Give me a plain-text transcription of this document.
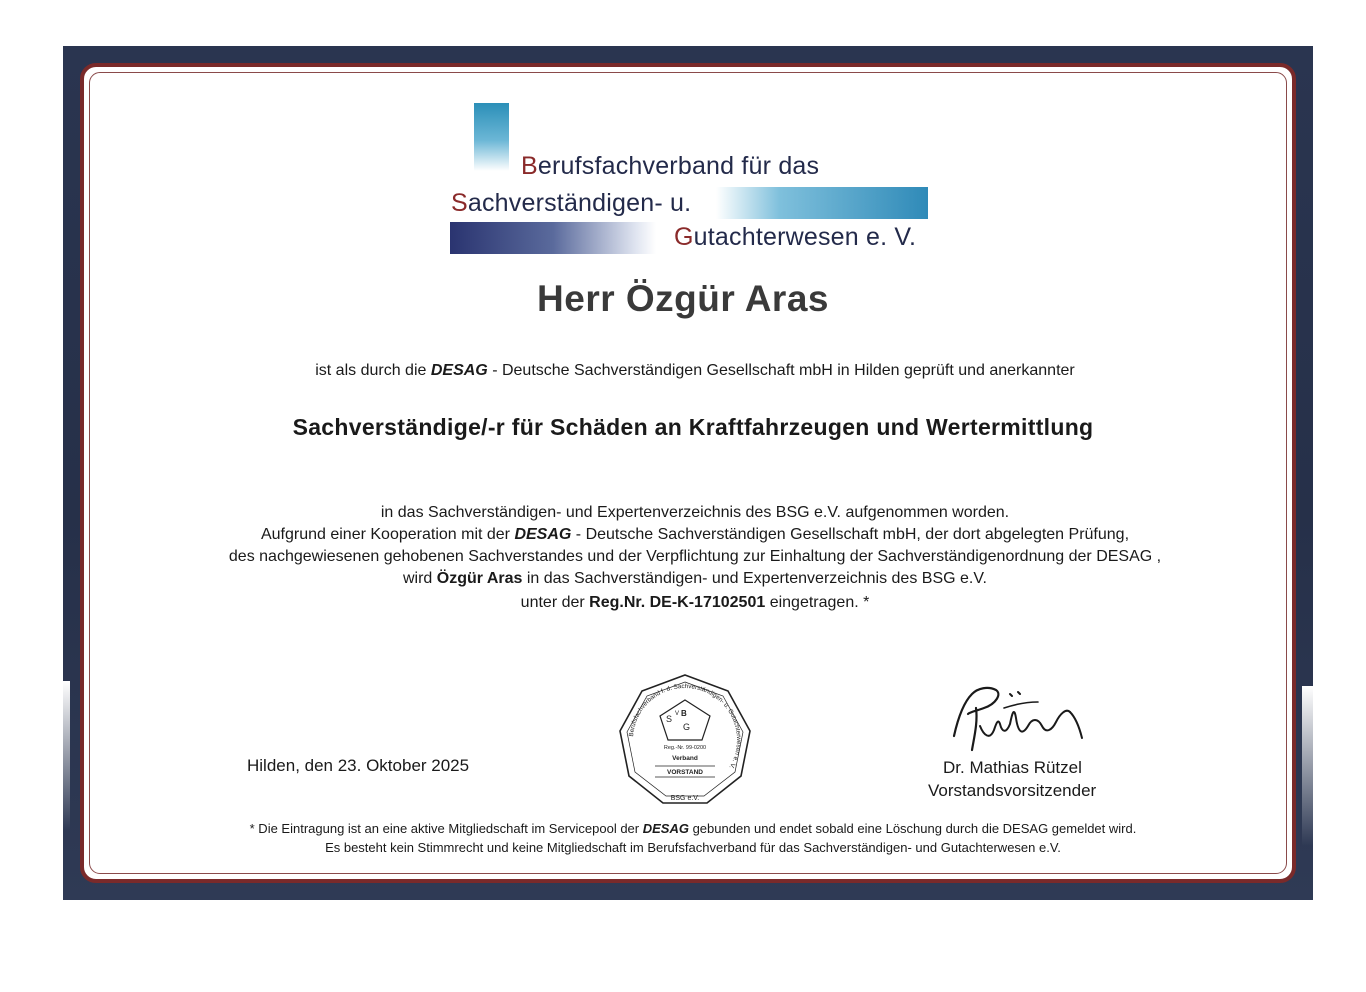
Berufsfachverband für das
Sachverständigen- u.
Gutachterwesen e. V.
Herr Özgür Aras
ist als durch die DESAG - Deutsche Sachverständigen Gesellschaft mbH in Hilden geprüft und anerkannter
Sachverständige/-r für Schäden an Kraftfahrzeugen und Wertermittlung
in das Sachverständigen- und Expertenverzeichnis des BSG e.V. aufgenommen worden.
Aufgrund einer Kooperation mit der DESAG - Deutsche Sachverständigen Gesellschaft mbH, der dort abgelegten Prüfung,
des nachgewiesenen gehobenen Sachverstandes und der Verpflichtung zur Einhaltung der Sachverständigenordnung der DESAG ,
wird Özgür Aras in das Sachverständigen- und Expertenverzeichnis des BSG e.V.
unter der Reg.Nr. DE-K-17102501 eingetragen. *
Hilden, den 23. Oktober 2025
Berufsfachverband f. d. Sachverständigen- u. Gutachterwesen e. V.
S V B
G
Reg.-Nr. 99-0200
Verband
VORSTAND
BSG e.V.
Dr. Mathias Rützel
Vorstandsvorsitzender
* Die Eintragung ist an eine aktive Mitgliedschaft im Servicepool der DESAG gebunden und endet sobald eine Löschung durch die DESAG gemeldet wird.
Es besteht kein Stimmrecht und keine Mitgliedschaft im Berufsfachverband für das Sachverständigen- und Gutachterwesen e.V.
